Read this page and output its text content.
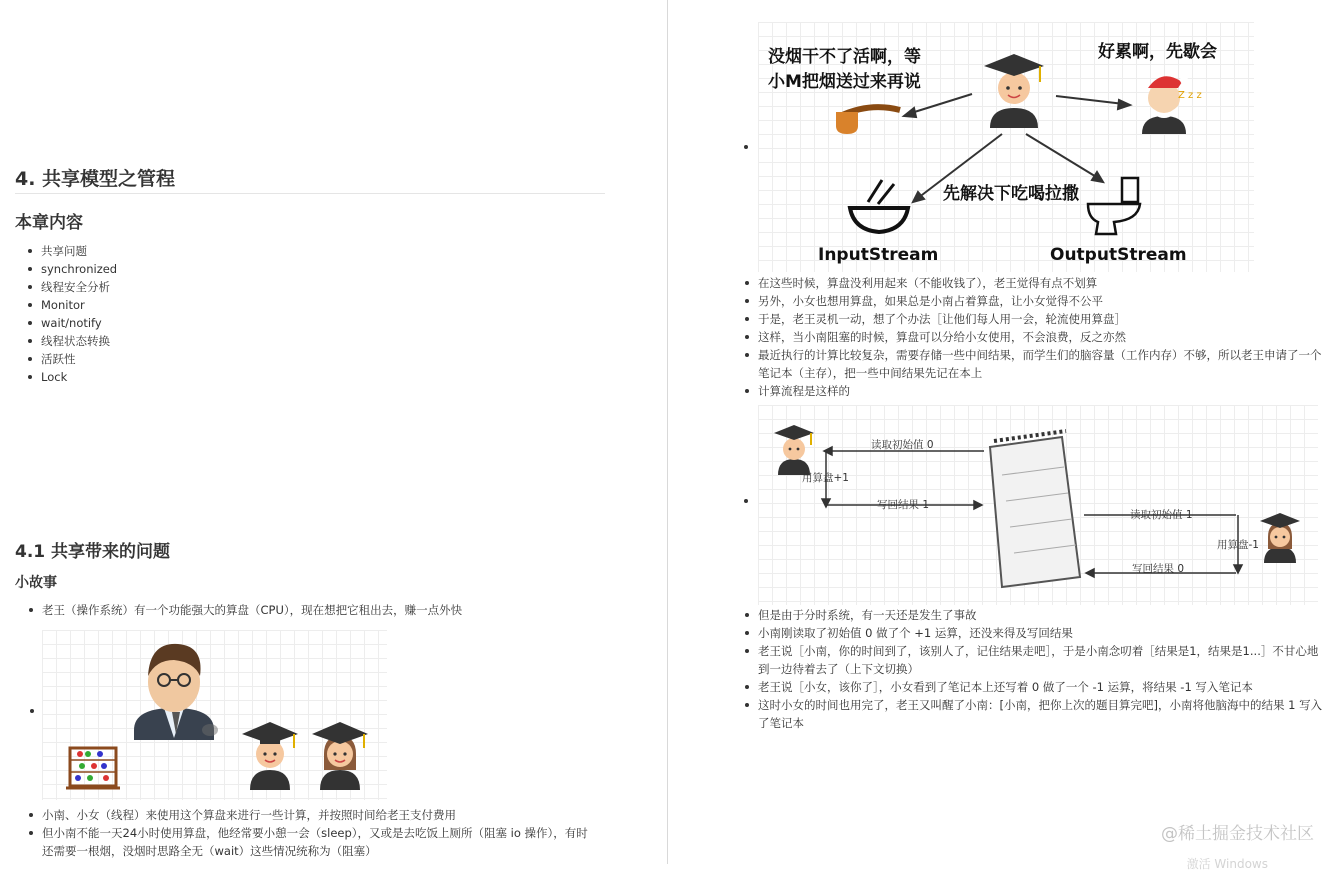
4. 共享模型之管程
本章内容
共享问题
synchronized
线程安全分析
Monitor
wait/notify
线程状态转换
活跃性
Lock
4.1 共享带来的问题
小故事
老王（操作系统）有一个功能强大的算盘（CPU），现在想把它租出去，赚一点外快
小南、小女（线程）来使用这个算盘来进行一些计算，并按照时间给老王支付费用
但小南不能一天24小时使用算盘，他经常要小憩一会（sleep），又或是去吃饭上厕所（阻塞 io 操作），有时还需要一根烟，没烟时思路全无（wait）这些情况统称为（阻塞）
没烟干不了活啊，等
小M把烟送过来再说
好累啊，先歇会
先解决下吃喝拉撒
InputStream	OutputStream
Z z z
在这些时候，算盘没利用起来（不能收钱了），老王觉得有点不划算
另外，小女也想用算盘，如果总是小南占着算盘，让小女觉得不公平
于是，老王灵机一动，想了个办法［让他们每人用一会，轮流使用算盘］
这样，当小南阻塞的时候，算盘可以分给小女使用，不会浪费，反之亦然
最近执行的计算比较复杂，需要存储一些中间结果，而学生们的脑容量（工作内存）不够，所以老王申请了一个笔记本（主存），把一些中间结果先记在本上
计算流程是这样的
读取初始值 0
用算盘+1
写回结果 1
读取初始值 1
用算盘-1
写回结果 0
但是由于分时系统，有一天还是发生了事故
小南刚读取了初始值 0 做了个 +1 运算，还没来得及写回结果
老王说［小南，你的时间到了，该别人了，记住结果走吧］，于是小南念叨着［结果是1，结果是1...］不甘心地到一边待着去了（上下文切换）
老王说［小女，该你了］，小女看到了笔记本上还写着 0 做了一个 -1 运算，将结果 -1 写入笔记本
这时小女的时间也用完了，老王又叫醒了小南：[小南，把你上次的题目算完吧]，小南将他脑海中的结果 1 写入了笔记本
@稀土掘金技术社区
激活 Windows
